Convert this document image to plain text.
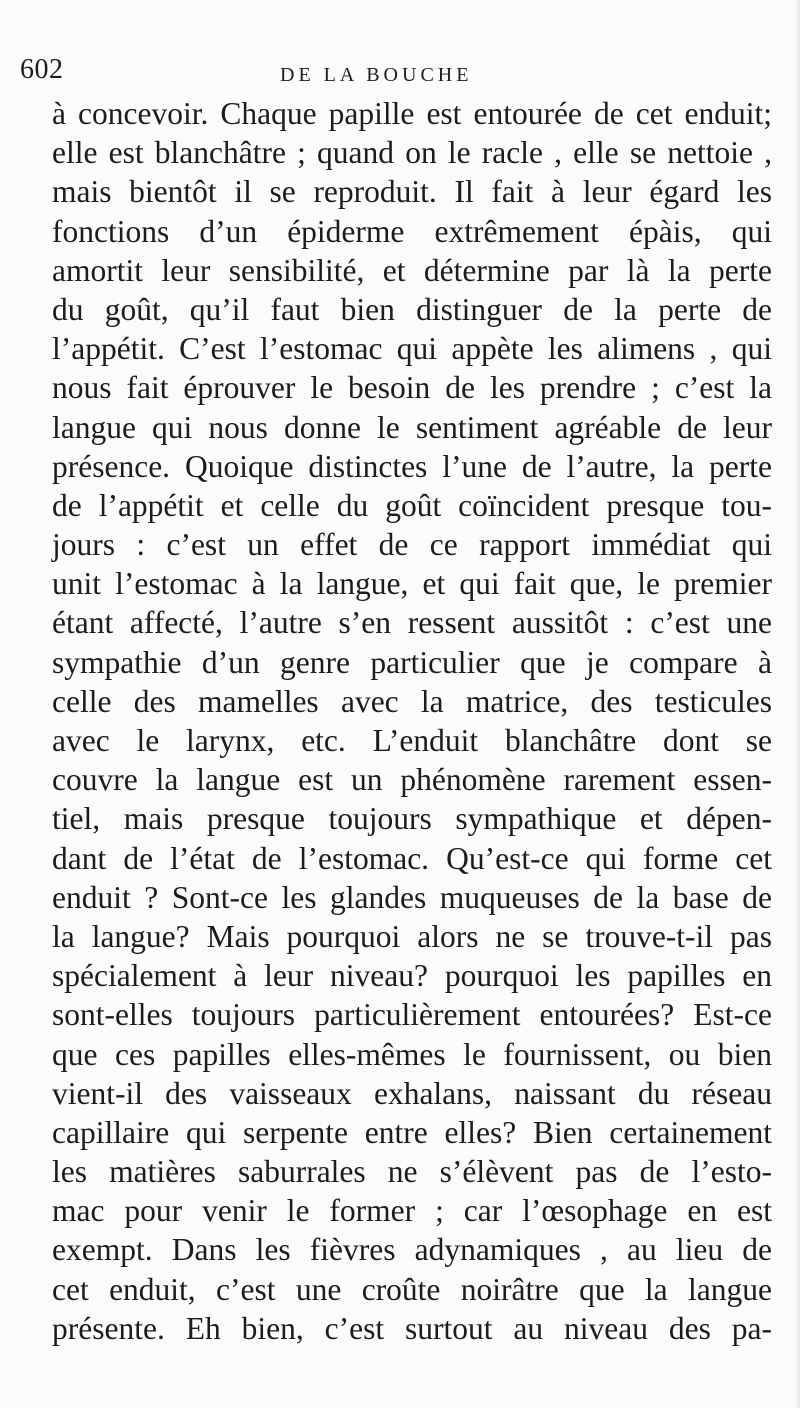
602	DE LA BOUCHE
à concevoir. Chaque papille est entourée de cet enduit;
elle est blanchâtre ; quand on le racle , elle se nettoie ,
mais bientôt il se reproduit. Il fait à leur égard les
fonctions d’un épiderme extrêmement épàis, qui
amortit leur sensibilité, et détermine par là la perte
du goût, qu’il faut bien distinguer de la perte de
l’appétit. C’est l’estomac qui appète les alimens , qui
nous fait éprouver le besoin de les prendre ; c’est la
langue qui nous donne le sentiment agréable de leur
présence. Quoique distinctes l’une de l’autre, la perte
de l’appétit et celle du goût coïncident presque tou-
jours : c’est un effet de ce rapport immédiat qui
unit l’estomac à la langue, et qui fait que, le premier
étant affecté, l’autre s’en ressent aussitôt : c’est une
sympathie d’un genre particulier que je compare à
celle des mamelles avec la matrice, des testicules
avec le larynx, etc. L’enduit blanchâtre dont se
couvre la langue est un phénomène rarement essen-
tiel, mais presque toujours sympathique et dépen-
dant de l’état de l’estomac. Qu’est-ce qui forme cet
enduit ? Sont-ce les glandes muqueuses de la base de
la langue? Mais pourquoi alors ne se trouve-t-il pas
spécialement à leur niveau? pourquoi les papilles en
sont-elles toujours particulièrement entourées? Est-ce
que ces papilles elles-mêmes le fournissent, ou bien
vient-il des vaisseaux exhalans, naissant du réseau
capillaire qui serpente entre elles? Bien certainement
les matières saburrales ne s’élèvent pas de l’esto-
mac pour venir le former ; car l’œsophage en est
exempt. Dans les fièvres adynamiques , au lieu de
cet enduit, c’est une croûte noirâtre que la langue
présente. Eh bien, c’est surtout au niveau des pa-
